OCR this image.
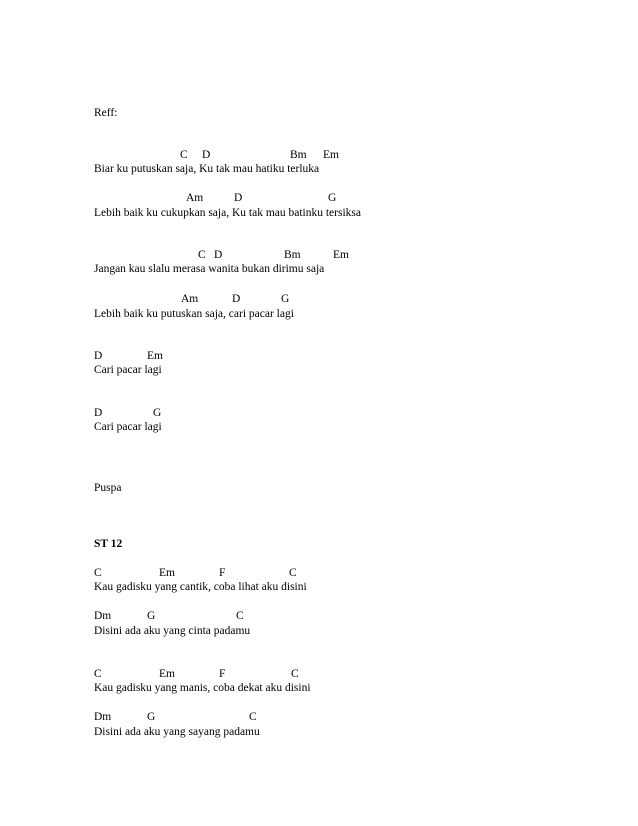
Reff:
C D	Bm Em
Biar ku putuskan saja, Ku tak mau hatiku terluka
Am	D	G
Lebih baik ku cukupkan saja, Ku tak mau batinku tersiksa
C D	Bm	Em
Jangan kau slalu merasa wanita bukan dirimu saja
Am	D	G
Lebih baik ku putuskan saja, cari pacar lagi
D	Em
Cari pacar lagi
D	G
Cari pacar lagi
Puspa
ST 12
C	Em	F	C
Kau gadisku yang cantik, coba lihat aku disini
Dm	G	C
Disini ada aku yang cinta padamu
C	Em	F	C
Kau gadisku yang manis, coba dekat aku disini
Dm	G	C
Disini ada aku yang sayang padamu
